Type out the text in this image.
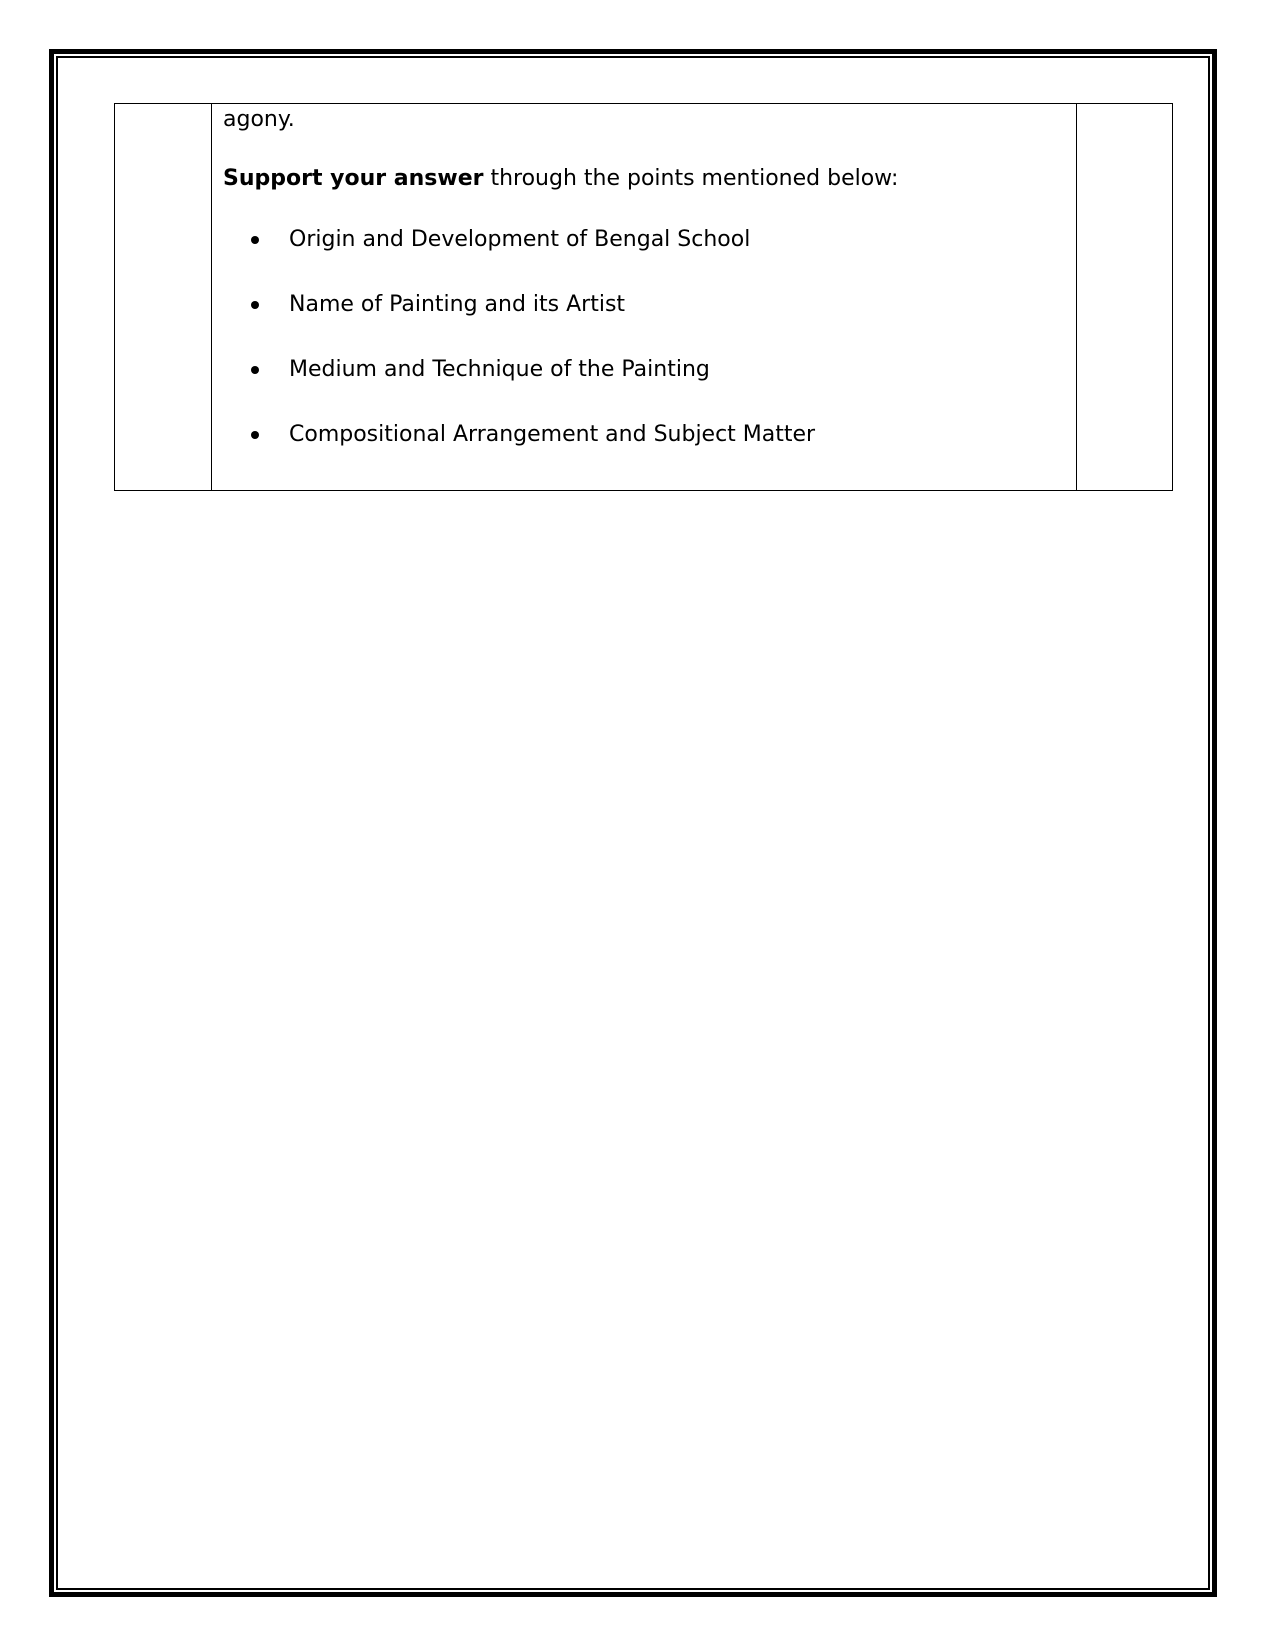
agony.

Support your answer through the points mentioned below:

Origin and Development of Bengal School
Name of Painting and its Artist
Medium and Technique of the Painting
Compositional Arrangement and Subject Matter
